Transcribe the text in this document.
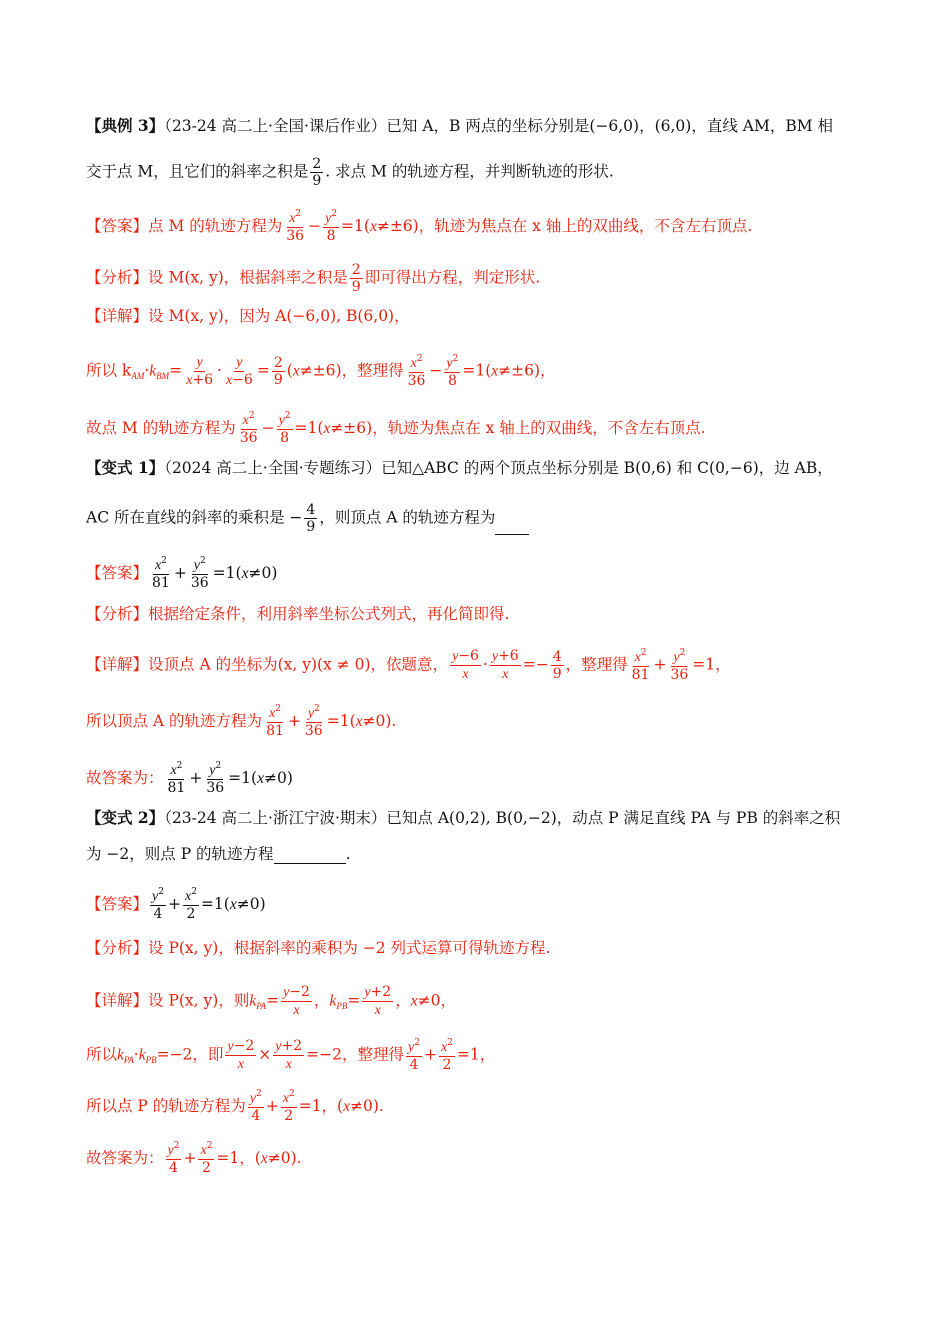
【典例 3】（23-24 高二上·全国·课后作业）已知 A，B 两点的坐标分别是(−6,0)，(6,0)，直线 AM，BM 相
交于点 M，且它们的斜率之积是 $\frac{2}{9}$ . 求点 M 的轨迹方程，并判断轨迹的形状.
【答案】点 M 的轨迹方程为 $\frac{x^2}{36} - \frac{y^2}{8} =1(x\ne\pm 6)$，轨迹为焦点在 x 轴上的双曲线，不含左右顶点.
【分析】设 M(x, y)，根据斜率之积是 $\frac{2}{9}$ 即可得出方程，判定形状.
【详解】设 M(x, y)，因为 A(−6,0), B(6,0)，
所以 $k_{AM}\cdot k_{BM}= \frac{y}{x+6} \cdot \frac{y}{x-6} = \frac{2}{9} (x\ne\pm 6)$，整理得 $\frac{x^2}{36} - \frac{y^2}{8} =1(x\ne\pm 6)$，
故点 M 的轨迹方程为 $\frac{x^2}{36} - \frac{y^2}{8} =1(x\ne\pm 6)$，轨迹为焦点在 x 轴上的双曲线，不含左右顶点.
【变式 1】（2024 高二上·全国·专题练习）已知△ABC 的两个顶点坐标分别是 B(0,6) 和 C(0,−6)，边 AB，
AC 所在直线的斜率的乘积是 − $\frac{4}{9}$ ，则顶点 A 的轨迹方程为
【答案】 $\frac{x^2}{81} + \frac{y^2}{36} =1(x\ne 0)$
【分析】根据给定条件，利用斜率坐标公式列式，再化简即得.
【详解】设顶点 A 的坐标为(x, y)(x ≠ 0)，依题意， $\frac{y-6}{x} \cdot \frac{y+6}{x} =- \frac{4}{9}$ ，整理得 $\frac{x^2}{81} + \frac{y^2}{36} =1$，
所以顶点 A 的轨迹方程为 $\frac{x^2}{81} + \frac{y^2}{36} =1(x\ne 0)$.
故答案为： $\frac{x^2}{81} + \frac{y^2}{36} =1(x\ne 0)$
【变式 2】（23-24 高二上·浙江宁波·期末）已知点 A(0,2), B(0,−2)，动点 P 满足直线 PA 与 PB 的斜率之积
为 −2，则点 P 的轨迹方程	.
【答案】 $\frac{y^2}{4} + \frac{x^2}{2} =1(x\ne 0)$
【分析】设 P(x, y)，根据斜率的乘积为 −2 列式运算可得轨迹方程.
【详解】设 P(x, y)，则$k_{PA}= \frac{y-2}{x}$ ，$k_{PB}= \frac{y+2}{x}$ ，x≠0，
所以$k_{PA}\cdot k_{PB}=-2$，即 $\frac{y-2}{x} \times \frac{y+2}{x} =-2$，整理得 $\frac{y^2}{4} + \frac{x^2}{2} =1$，
所以点 P 的轨迹方程为 $\frac{y^2}{4} + \frac{x^2}{2} =1$，(x≠0).
故答案为： $\frac{y^2}{4} + \frac{x^2}{2} =1$，(x≠0).
